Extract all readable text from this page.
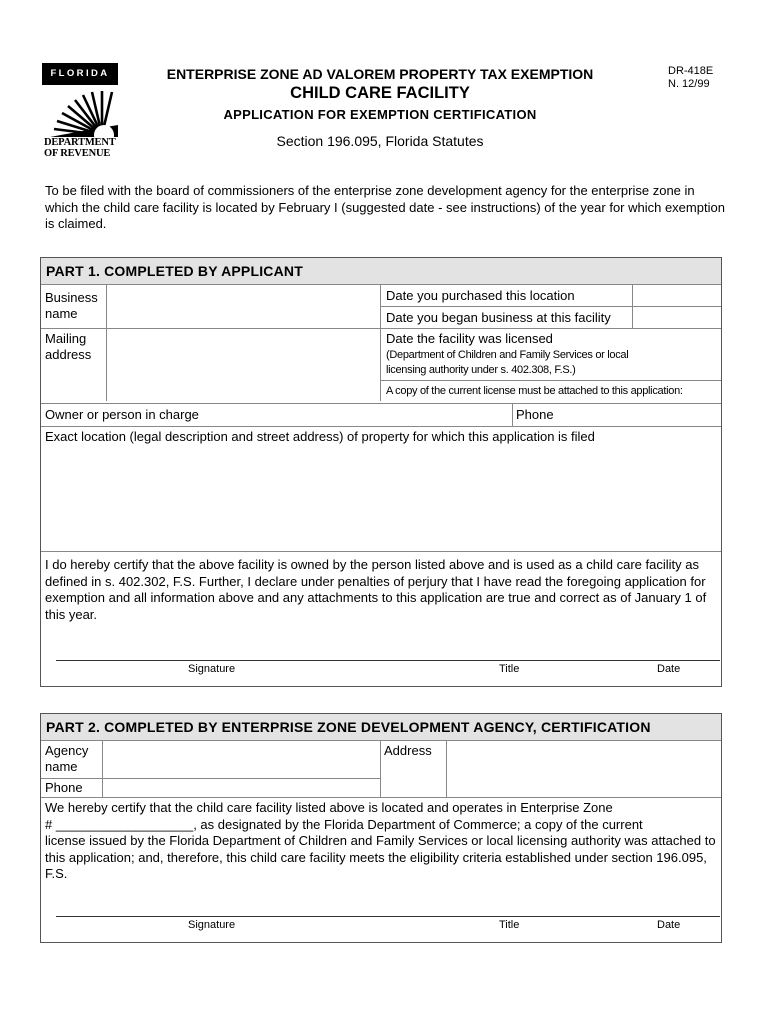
FLORIDA
DEPARTMENT
OF REVENUE
ENTERPRISE ZONE AD VALOREM PROPERTY TAX EXEMPTION
CHILD CARE FACILITY
APPLICATION FOR EXEMPTION CERTIFICATION
Section 196.095, Florida Statutes
DR-418E
N. 12/99
To be filed with the board of commissioners of the enterprise zone development agency for the enterprise zone in which the child care facility is located by February I (suggested date - see instructions) of the year for which exemption is claimed.
PART 1. COMPLETED BY APPLICANT
Business name
Date you purchased this location
Date you began business at this facility
Mailing address
Date the facility was licensed
(Department of Children and Family Services or local licensing authority under s. 402.308, F.S.)
A copy of the current license must be attached to this application:
Owner or person in charge	Phone
Exact location (legal description and street address) of property for which this application is filed
I do hereby certify that the above facility is owned by the person listed above and is used as a child care facility as defined in s. 402.302, F.S. Further, I declare under penalties of perjury that I have read the foregoing application for exemption and all information above and any attachments to this application are true and correct as of January 1 of this year.
Signature	Title	Date
PART 2. COMPLETED BY ENTERPRISE ZONE DEVELOPMENT AGENCY, CERTIFICATION
Agency name
Address
Phone
We hereby certify that the child care facility listed above is located and operates in Enterprise Zone
# ___________________, as designated by the Florida Department of Commerce; a copy of the current
license issued by the Florida Department of Children and Family Services or local licensing authority was attached to this application; and, therefore, this child care facility meets the eligibility criteria established under section 196.095, F.S.
Signature	Title	Date
